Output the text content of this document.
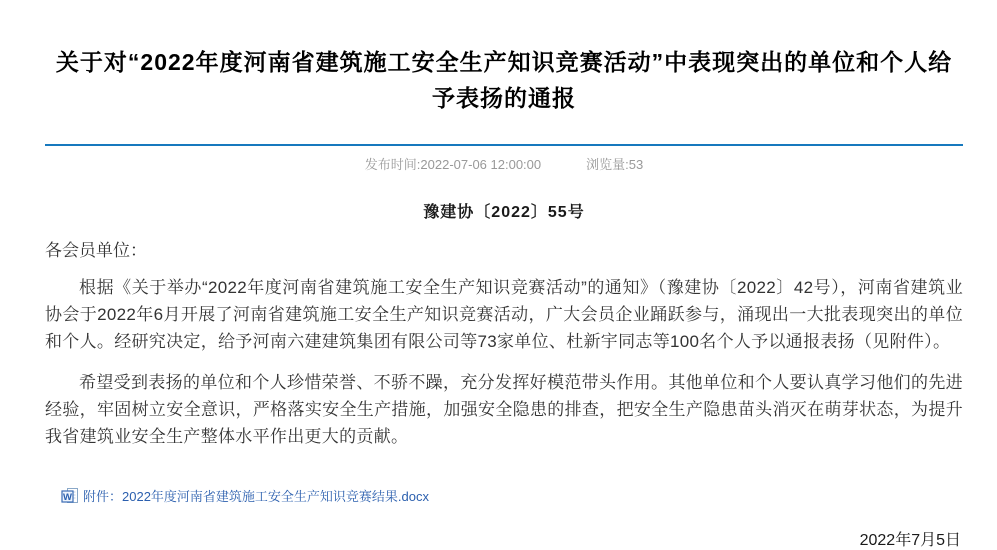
关于对“2022年度河南省建筑施工安全生产知识竞赛活动”中表现突出的单位和个人给予表扬的通报
发布时间:2022-07-06 12:00:00	浏览量:53
豫建协〔2022〕55号
各会员单位：

根据《关于举办“2022年度河南省建筑施工安全生产知识竞赛活动”的通知》（豫建协〔2022〕42号），河南省建筑业协会于2022年6月开展了河南省建筑施工安全生产知识竞赛活动，广大会员企业踊跃参与，涌现出一大批表现突出的单位和个人。经研究决定，给予河南六建建筑集团有限公司等73家单位、杜新宇同志等100名个人予以通报表扬（见附件）。

希望受到表扬的单位和个人珍惜荣誉、不骄不躁，充分发挥好模范带头作用。其他单位和个人要认真学习他们的先进经验，牢固树立安全意识，严格落实安全生产措施，加强安全隐患的排查，把安全生产隐患苗头消灭在萌芽状态，为提升我省建筑业安全生产整体水平作出更大的贡献。

W 附件：2022年度河南省建筑施工安全生产知识竞赛结果.docx
2022年7月5日
